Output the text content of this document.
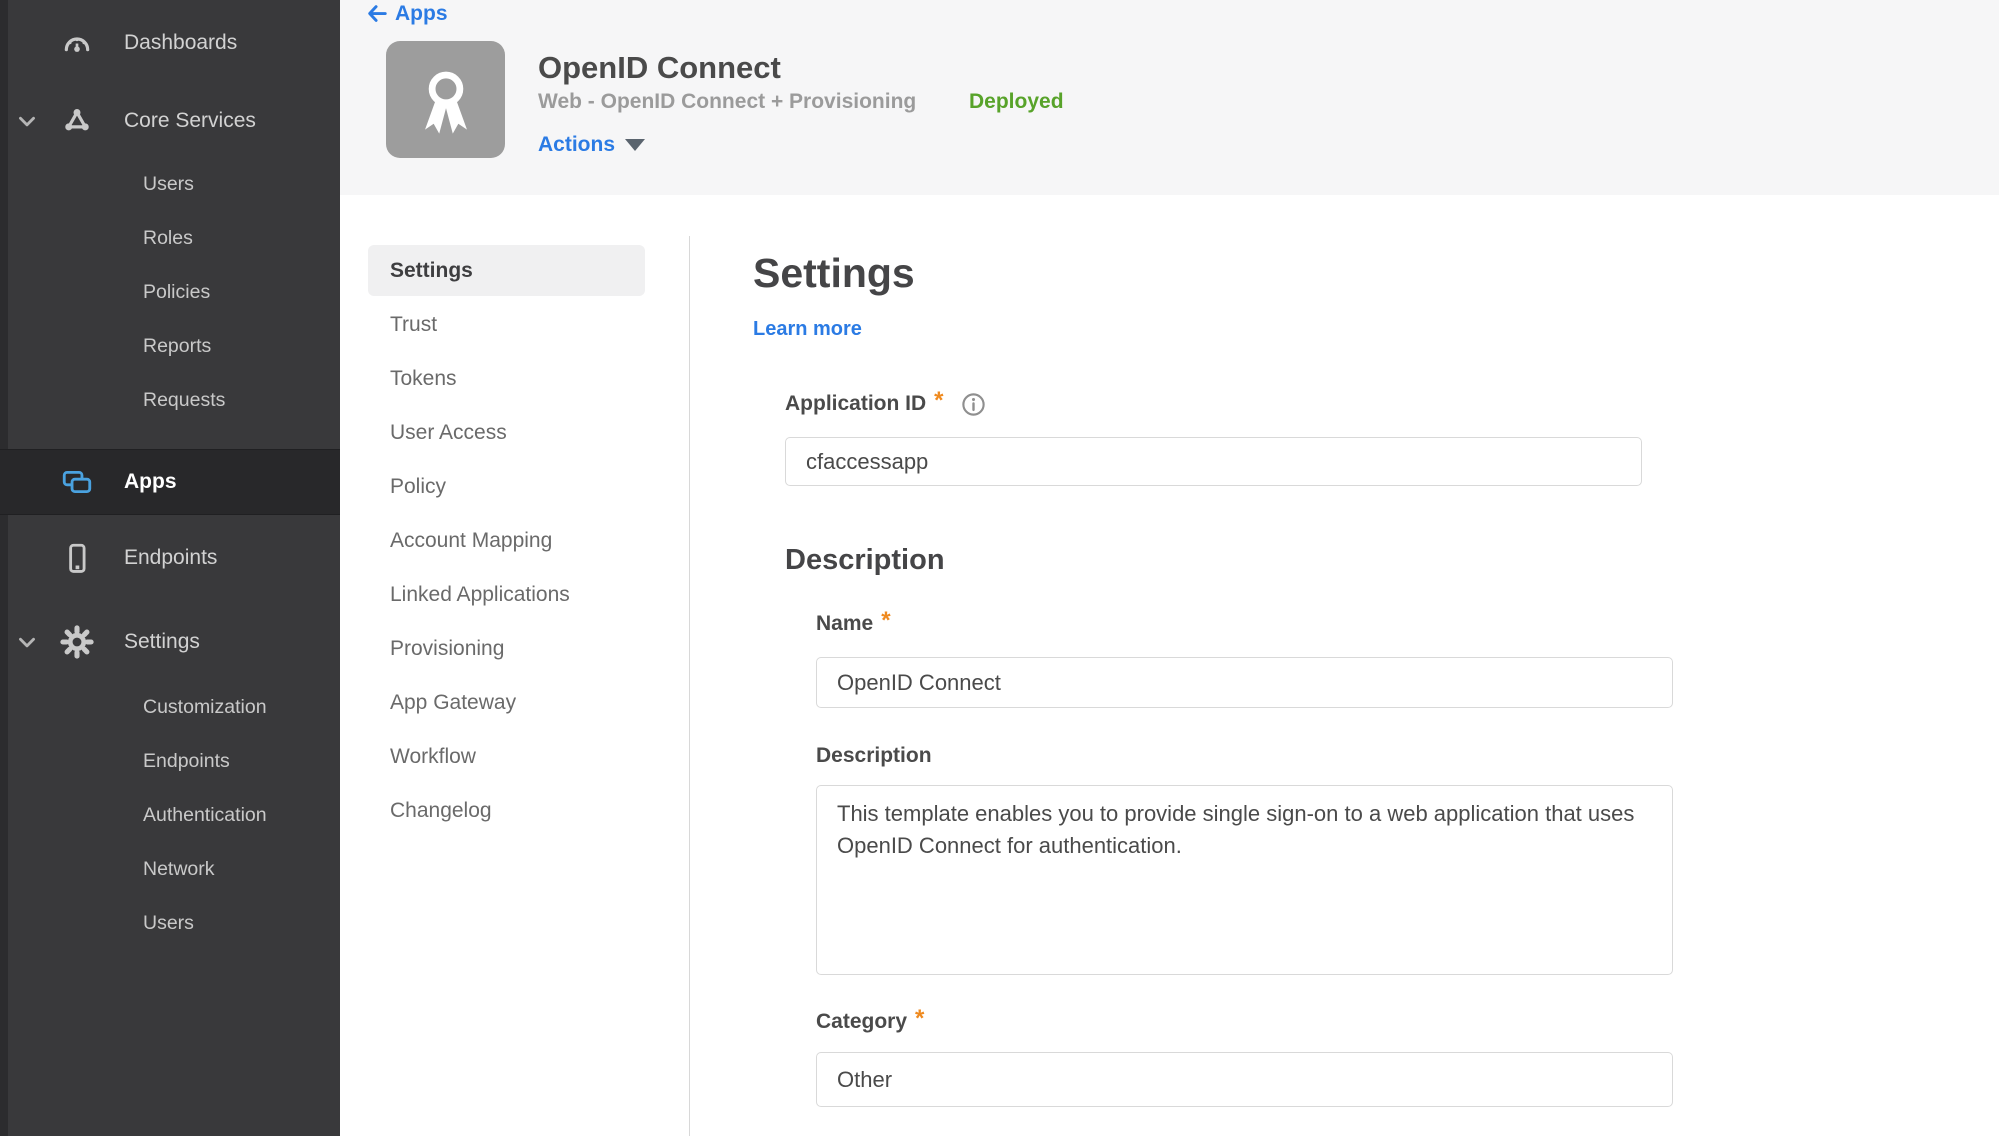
Dashboards
Core Services
Users
Roles
Policies
Reports
Requests
Apps
Endpoints
Settings
Customization
Endpoints
Authentication
Network
Users
Apps
OpenID Connect
Web - OpenID Connect + Provisioning	Deployed
Actions
Settings
Trust
Tokens
User Access
Policy
Account Mapping
Linked Applications
Provisioning
App Gateway
Workflow
Changelog
Settings
Learn more
Application ID *
cfaccessapp
Description
Name *
OpenID Connect
Description
This template enables you to provide single sign-on to a web application that uses OpenID Connect for authentication.
Category *
Other
